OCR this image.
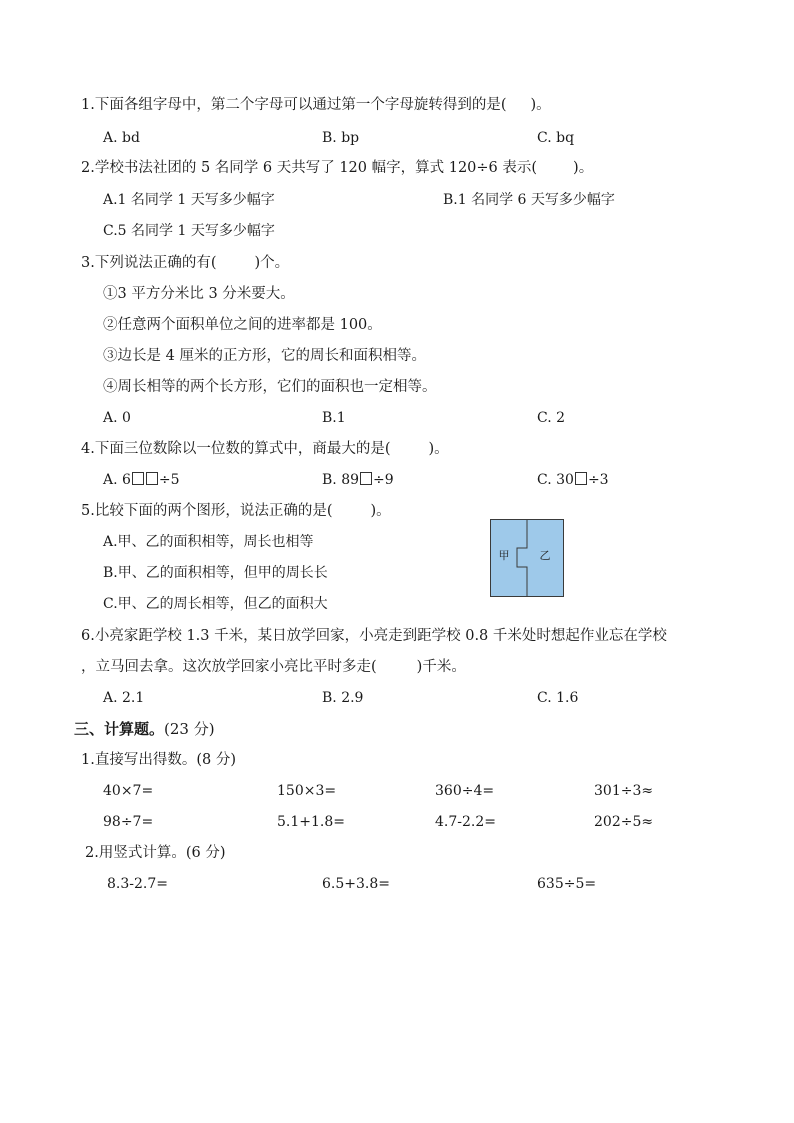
1.下面各组字母中，第二个字母可以通过第一个字母旋转得到的是( )。
A. bd	B. bp	C. bq
2.学校书法社团的 5 名同学 6 天共写了 120 幅字，算式 120÷6 表示( )。
A.1 名同学 1 天写多少幅字	B.1 名同学 6 天写多少幅字
C.5 名同学 1 天写多少幅字
3.下列说法正确的有(	)个。
①3 平方分米比 3 分米要大。
②任意两个面积单位之间的进率都是 100。
③边长是 4 厘米的正方形，它的周长和面积相等。
④周长相等的两个长方形，它们的面积也一定相等。
A. 0	B.1	C. 2
4.下面三位数除以一位数的算式中，商最大的是(	)。
A. 6 ÷5	B. 89 ÷9	C. 30 ÷3
5.比较下面的两个图形，说法正确的是(	)。
A.甲、乙的面积相等，周长也相等
B.甲、乙的面积相等，但甲的周长长
C.甲、乙的周长相等，但乙的面积大
甲	乙
6.小亮家距学校 1.3 千米，某日放学回家，小亮走到距学校 0.8 千米处时想起作业忘在学校
，立马回去拿。这次放学回家小亮比平时多走(	)千米。
A. 2.1	B. 2.9	C. 1.6
三、计算题。(23 分)
1.直接写出得数。(8 分)
40×7=	150×3=	360÷4=	301÷3≈
98÷7=	5.1+1.8=	4.7-2.2=	202÷5≈
2.用竖式计算。(6 分)
8.3-2.7=	6.5+3.8=	635÷5=
